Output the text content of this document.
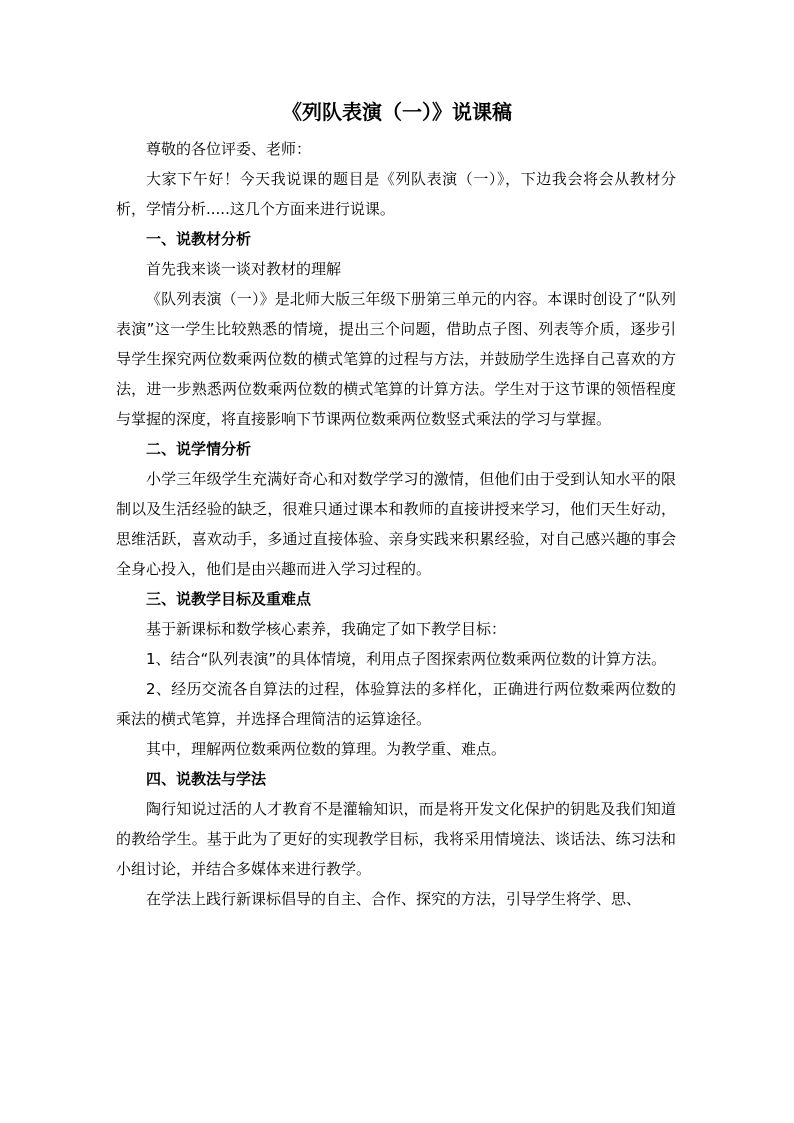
《列队表演（一）》说课稿

尊敬的各位评委、老师：

大家下午好！今天我说课的题目是《列队表演（一）》，下边我会将会从教材分析，学情分析.....这几个方面来进行说课。

一、说教材分析

首先我来谈一谈对教材的理解

《队列表演（一）》是北师大版三年级下册第三单元的内容。本课时创设了“队列表演”这一学生比较熟悉的情境，提出三个问题，借助点子图、列表等介质，逐步引导学生探究两位数乘两位数的横式笔算的过程与方法，并鼓励学生选择自己喜欢的方法，进一步熟悉两位数乘两位数的横式笔算的计算方法。学生对于这节课的领悟程度与掌握的深度，将直接影响下节课两位数乘两位数竖式乘法的学习与掌握。

二、说学情分析

小学三年级学生充满好奇心和对数学学习的激情，但他们由于受到认知水平的限制以及生活经验的缺乏，很难只通过课本和教师的直接讲授来学习，他们天生好动，思维活跃，喜欢动手，多通过直接体验、亲身实践来积累经验，对自己感兴趣的事会全身心投入，他们是由兴趣而进入学习过程的。

三、说教学目标及重难点

基于新课标和数学核心素养，我确定了如下教学目标：

1、结合“队列表演”的具体情境，利用点子图探索两位数乘两位数的计算方法。

2、经历交流各自算法的过程，体验算法的多样化，正确进行两位数乘两位数的乘法的横式笔算，并选择合理简洁的运算途径。

其中，理解两位数乘两位数的算理。为教学重、难点。

四、说教法与学法

陶行知说过活的人才教育不是灌输知识，而是将开发文化保护的钥匙及我们知道的教给学生。基于此为了更好的实现教学目标，我将采用情境法、谈话法、练习法和小组讨论，并结合多媒体来进行教学。

在学法上践行新课标倡导的自主、合作、探究的方法，引导学生将学、思、
